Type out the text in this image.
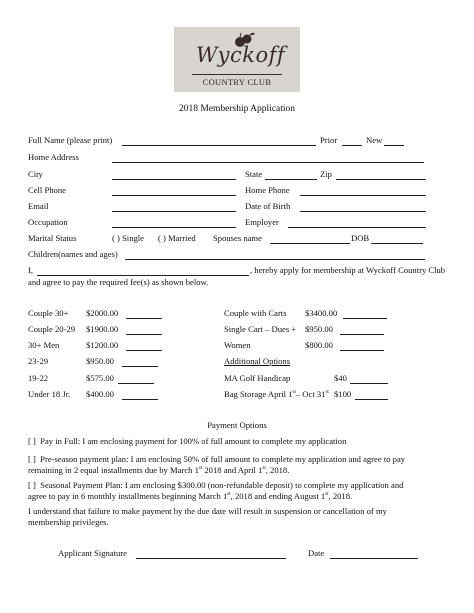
Wyckoff
COUNTRY CLUB
2018 Membership Application
Full Name (please print)	Prior	New
Home Address
City	State	Zip
Cell Phone	Home Phone
Email	Date of Birth
Occupation	Employer
Marital Status	( ) Single ( ) Married Spouses name	DOB
Children(names and ages)
I,	, hereby apply for membership at Wyckoff Country Club
and agree to pay the required fee(s) as shown below.
Couple 30+ $2000.00
Couple 20-29 $1900.00
30+ Men	$1200.00
23-29	$950.00
19-22	$575.00
Under 18 Jr. $400.00
Couple with Carts $3400.00
Single Cart – Dues + $950.00
Women	$800.00
Additional Options
MA Golf Handicap	$40
Bag Storage April 1st– Oct 31st $100
Payment Options
[ ] Pay in Full: I am enclosing payment for 100% of full amount to complete my application
[ ] Pre-season payment plan: I am enclosing 50% of full amount to complete my application and agree to pay
remaining in 2 equal installments due by March 1st 2018 and April 1st, 2018.
[ ] Seasonal Payment Plan: I am enclosing $300.00 (non-refundable deposit) to complete my application and
agree to pay in 6 monthly installments beginning March 1st, 2018 and ending August 1st, 2018.
I understand that failure to make payment by the due date will result in suspension or cancellation of my
membership privileges.
Applicant Signature	Date
